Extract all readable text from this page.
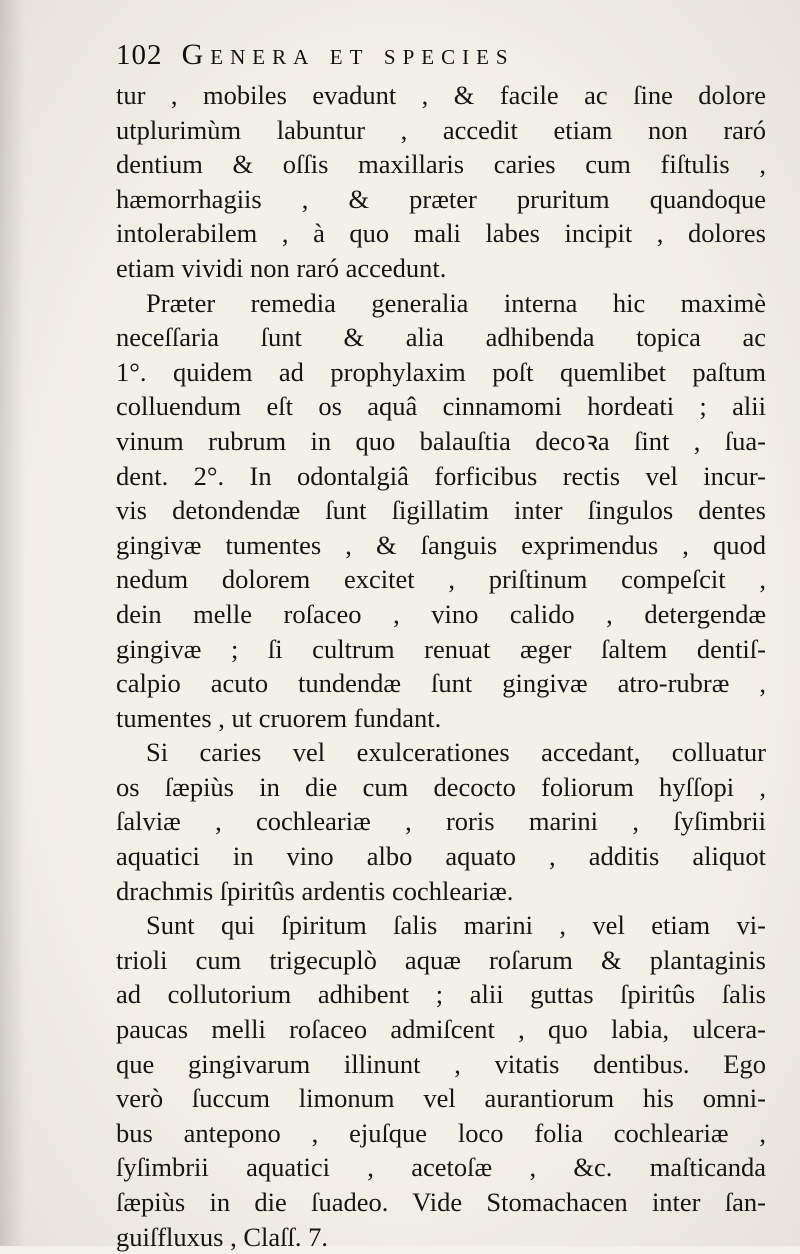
102 Genera et species
tur , mobiles evadunt , & facile ac ſine dolore
utplurimùm labuntur , accedit etiam non raró
dentium & oſſis maxillaris caries cum fiſtulis ,
hæmorrhagiis , & præter pruritum quandoque
intolerabilem , à quo mali labes incipit , dolores
etiam vividi non raró accedunt.
Præter remedia generalia interna hic maximè
neceſſaria ſunt & alia adhibenda topica ac
1°. quidem ad prophylaxim poſt quemlibet paſtum
colluendum eſt os aquâ cinnamomi hordeati ; alii
vinum rubrum in quo balauſtia decoꝛa ſint , ſua-
dent. 2°. In odontalgiâ forficibus rectis vel incur-
vis detondendæ ſunt ſigillatim inter ſingulos dentes
gingivæ tumentes , & ſanguis exprimendus , quod
nedum dolorem excitet , priſtinum compeſcit ,
dein melle roſaceo , vino calido , detergendæ
gingivæ ; ſi cultrum renuat æger ſaltem dentiſ-
calpio acuto tundendæ ſunt gingivæ atro-rubræ ,
tumentes , ut cruorem fundant.
Si caries vel exulcerationes accedant, colluatur
os ſæpiùs in die cum decocto foliorum hyſſopi ,
ſalviæ , cochleariæ , roris marini , ſyſimbrii
aquatici in vino albo aquato , additis aliquot
drachmis ſpiritûs ardentis cochleariæ.
Sunt qui ſpiritum ſalis marini , vel etiam vi-
trioli cum trigecuplò aquæ roſarum & plantaginis
ad collutorium adhibent ; alii guttas ſpiritûs ſalis
paucas melli roſaceo admiſcent , quo labia, ulcera-
que gingivarum illinunt , vitatis dentibus. Ego
verò ſuccum limonum vel aurantiorum his omni-
bus antepono , ejuſque loco folia cochleariæ ,
ſyſimbrii aquatici , acetoſæ , &c. maſticanda
ſæpiùs in die ſuadeo. Vide Stomachacen inter ſan-
guiſfluxus , Claſſ. 7.
